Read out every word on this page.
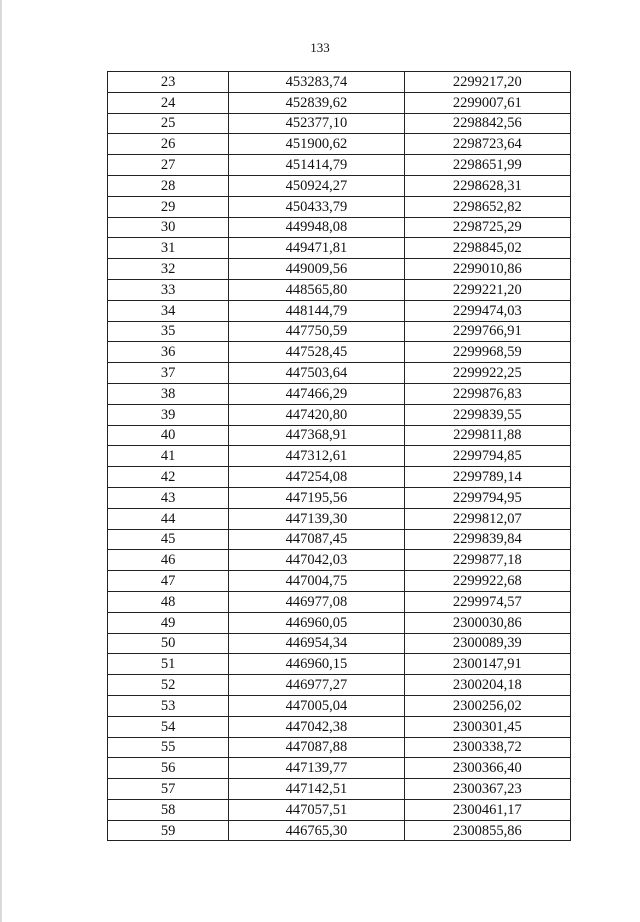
133
23	453283,74	2299217,20
24	452839,62	2299007,61
25	452377,10	2298842,56
26	451900,62	2298723,64
27	451414,79	2298651,99
28	450924,27	2298628,31
29	450433,79	2298652,82
30	449948,08	2298725,29
31	449471,81	2298845,02
32	449009,56	2299010,86
33	448565,80	2299221,20
34	448144,79	2299474,03
35	447750,59	2299766,91
36	447528,45	2299968,59
37	447503,64	2299922,25
38	447466,29	2299876,83
39	447420,80	2299839,55
40	447368,91	2299811,88
41	447312,61	2299794,85
42	447254,08	2299789,14
43	447195,56	2299794,95
44	447139,30	2299812,07
45	447087,45	2299839,84
46	447042,03	2299877,18
47	447004,75	2299922,68
48	446977,08	2299974,57
49	446960,05	2300030,86
50	446954,34	2300089,39
51	446960,15	2300147,91
52	446977,27	2300204,18
53	447005,04	2300256,02
54	447042,38	2300301,45
55	447087,88	2300338,72
56	447139,77	2300366,40
57	447142,51	2300367,23
58	447057,51	2300461,17
59	446765,30	2300855,86
